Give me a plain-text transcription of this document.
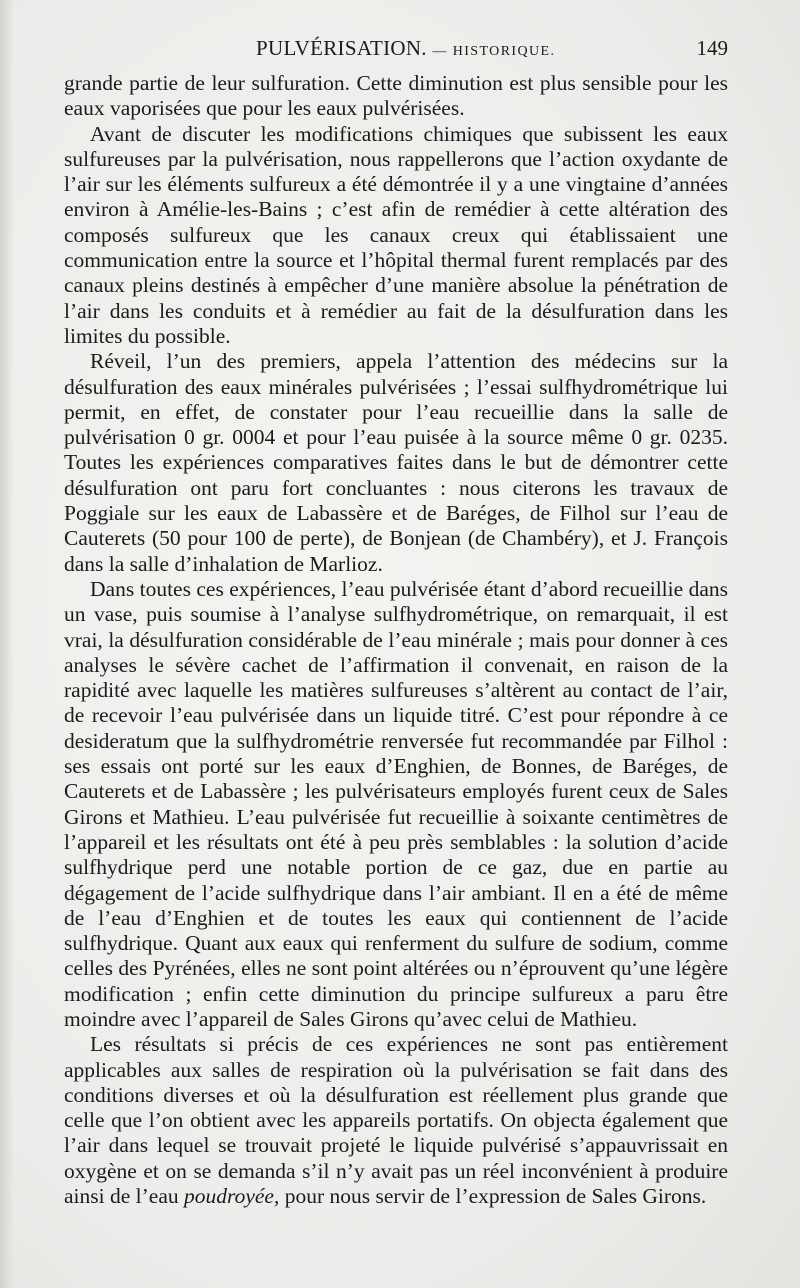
PULVÉRISATION. — HISTORIQUE.	149

grande partie de leur sulfuration. Cette diminution est plus sensible pour les eaux vaporisées que pour les eaux pulvérisées.

Avant de discuter les modifications chimiques que subissent les eaux sulfureuses par la pulvérisation, nous rappellerons que l’action oxydante de l’air sur les éléments sulfureux a été démontrée il y a une vingtaine d’années environ à Amélie-les-Bains ; c’est afin de remédier à cette altération des composés sulfureux que les canaux creux qui établissaient une communication entre la source et l’hôpital thermal furent remplacés par des canaux pleins destinés à empêcher d’une manière absolue la pénétration de l’air dans les conduits et à remédier au fait de la désulfuration dans les limites du possible.

Réveil, l’un des premiers, appela l’attention des médecins sur la désulfuration des eaux minérales pulvérisées ; l’essai sulfhydrométrique lui permit, en effet, de constater pour l’eau recueillie dans la salle de pulvérisation 0 gr. 0004 et pour l’eau puisée à la source même 0 gr. 0235. Toutes les expériences comparatives faites dans le but de démontrer cette désulfuration ont paru fort concluantes : nous citerons les travaux de Poggiale sur les eaux de Labassère et de Baréges, de Filhol sur l’eau de Cauterets (50 pour 100 de perte), de Bonjean (de Chambéry), et J. François dans la salle d’inhalation de Marlioz.

Dans toutes ces expériences, l’eau pulvérisée étant d’abord recueillie dans un vase, puis soumise à l’analyse sulfhydrométrique, on remarquait, il est vrai, la désulfuration considérable de l’eau minérale ; mais pour donner à ces analyses le sévère cachet de l’affirmation il convenait, en raison de la rapidité avec laquelle les matières sulfureuses s’altèrent au contact de l’air, de recevoir l’eau pulvérisée dans un liquide titré. C’est pour répondre à ce desideratum que la sulfhydrométrie renversée fut recommandée par Filhol : ses essais ont porté sur les eaux d’Enghien, de Bonnes, de Baréges, de Cauterets et de Labassère ; les pulvérisateurs employés furent ceux de Sales Girons et Mathieu. L’eau pulvérisée fut recueillie à soixante centimètres de l’appareil et les résultats ont été à peu près semblables : la solution d’acide sulfhydrique perd une notable portion de ce gaz, due en partie au dégagement de l’acide sulfhydrique dans l’air ambiant. Il en a été de même de l’eau d’Enghien et de toutes les eaux qui contiennent de l’acide sulfhydrique. Quant aux eaux qui renferment du sulfure de sodium, comme celles des Pyrénées, elles ne sont point altérées ou n’éprouvent qu’une légère modification ; enfin cette diminution du principe sulfureux a paru être moindre avec l’appareil de Sales Girons qu’avec celui de Mathieu.

Les résultats si précis de ces expériences ne sont pas entièrement applicables aux salles de respiration où la pulvérisation se fait dans des conditions diverses et où la désulfuration est réellement plus grande que celle que l’on obtient avec les appareils portatifs. On objecta également que l’air dans lequel se trouvait projeté le liquide pulvérisé s’appauvrissait en oxygène et on se demanda s’il n’y avait pas un réel inconvénient à produire ainsi de l’eau poudroyée, pour nous servir de l’expression de Sales Girons.
